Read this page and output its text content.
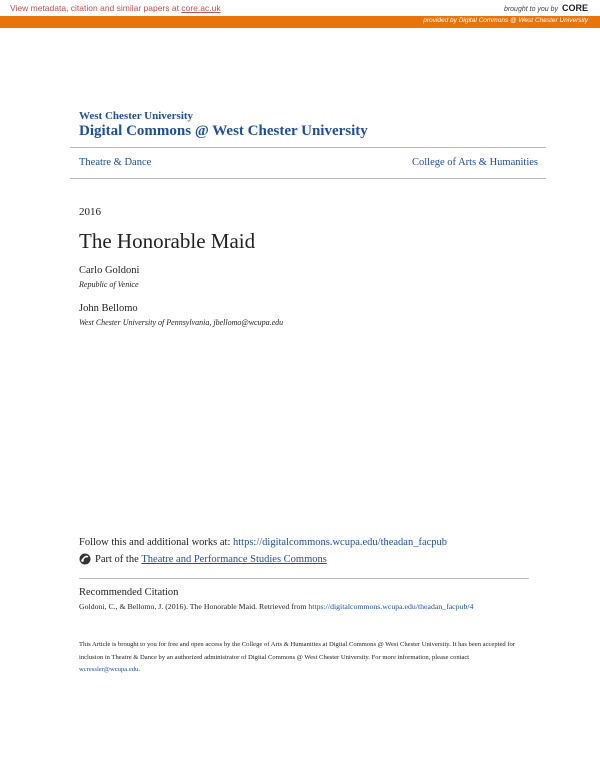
View metadata, citation and similar papers at core.ac.uk	brought to you by CORE
provided by Digital Commons @ West Chester University
West Chester University
Digital Commons @ West Chester University
Theatre & Dance	College of Arts & Humanities
2016
The Honorable Maid
Carlo Goldoni
Republic of Venice
John Bellomo
West Chester University of Pennsylvania, jbellomo@wcupa.edu
Follow this and additional works at: https://digitalcommons.wcupa.edu/theadan_facpub
Part of the
Theatre and Performance Studies Commons
Recommended Citation
Goldoni, C., & Bellomo, J. (2016). The Honorable Maid. Retrieved from https://digitalcommons.wcupa.edu/theadan_facpub/4
This Article is brought to you for free and open access by the College of Arts & Humanities at Digital Commons @ West Chester University. It has been accepted for inclusion in Theatre & Dance by an authorized administrator of Digital Commons @ West Chester University. For more information, please contact wcressler@wcupa.edu.
